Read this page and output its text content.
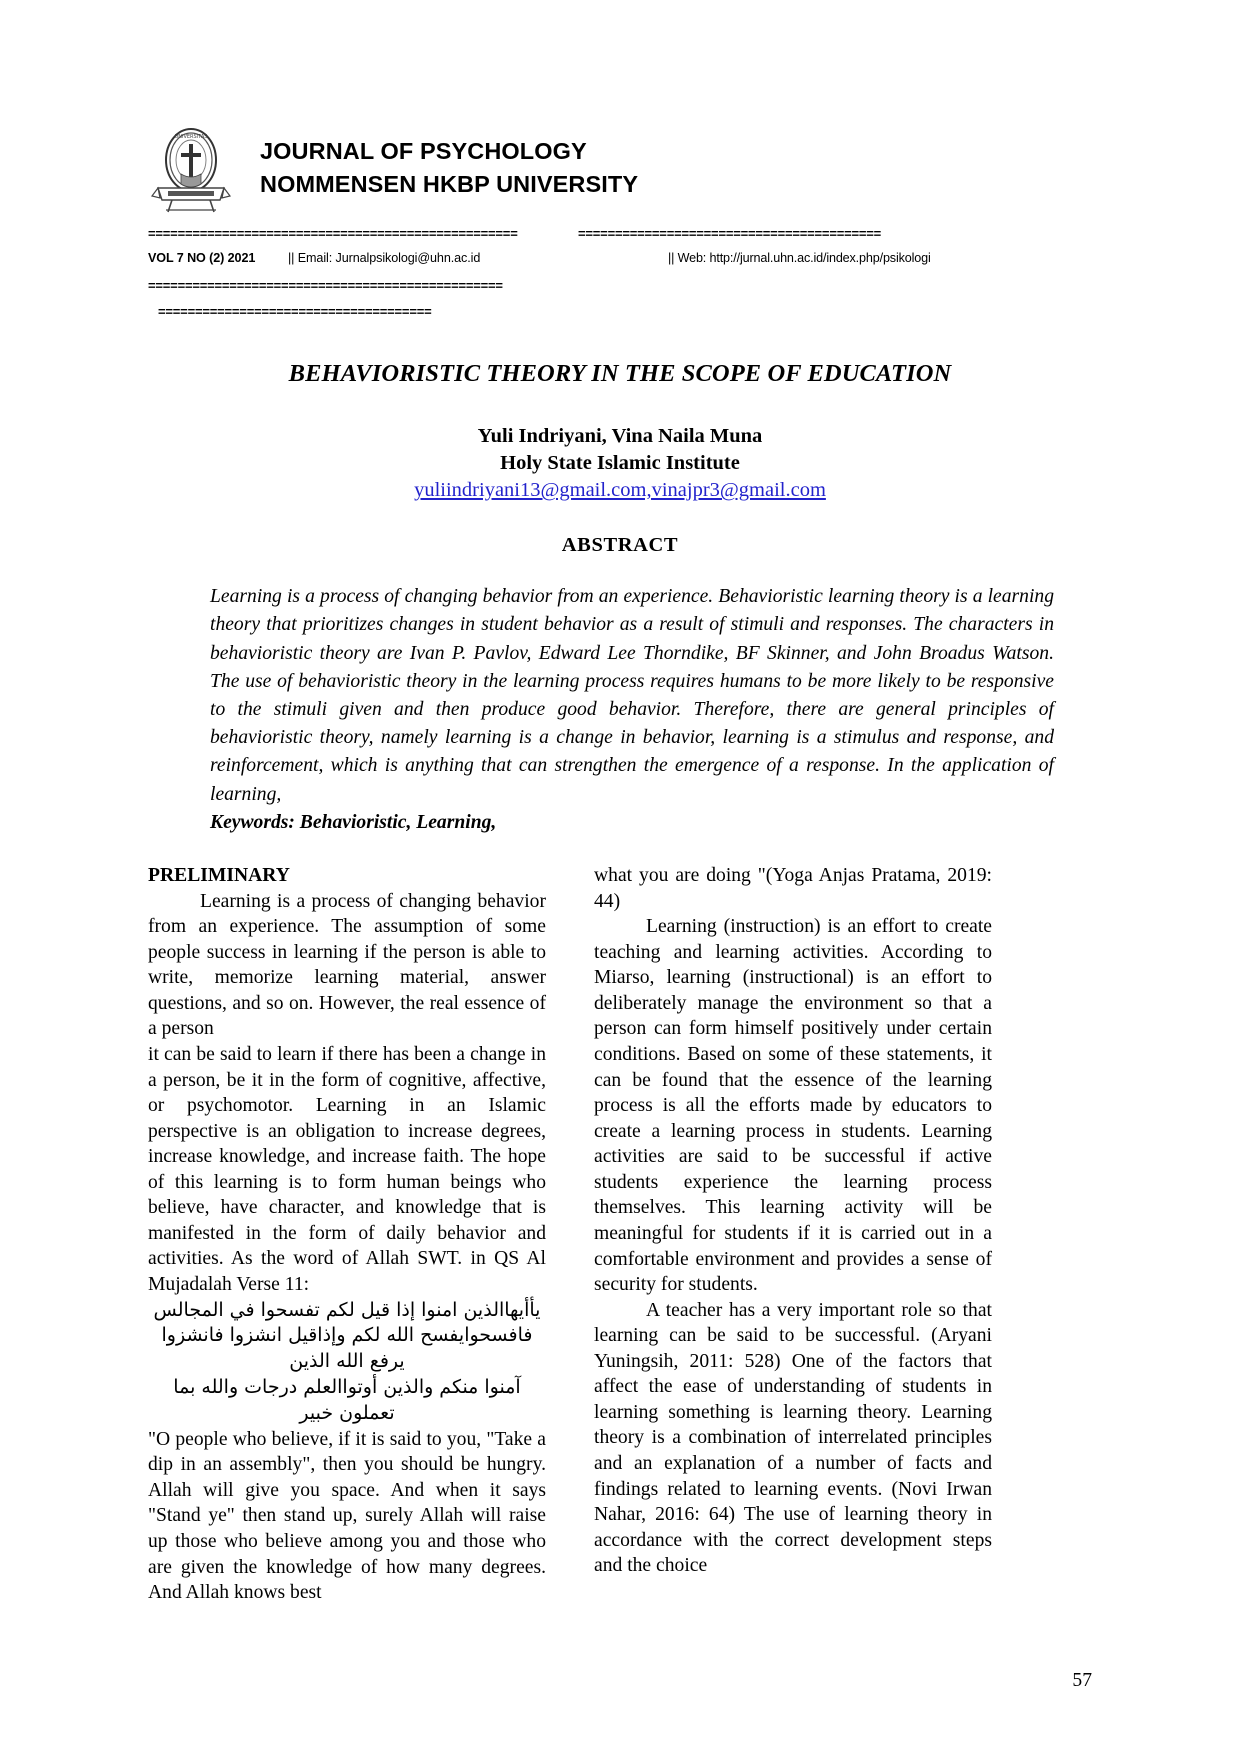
UNIVERSITAS
JOURNAL OF PSYCHOLOGY
NOMMENSEN HKBP UNIVERSITY
==================================================	=========================================
VOL 7 NO (2) 2021	|| Email: Jurnalpsikologi@uhn.ac.id	|| Web: http://jurnal.uhn.ac.id/index.php/psikologi
================================================
=====================================
BEHAVIORISTIC THEORY IN THE SCOPE OF EDUCATION
Yuli Indriyani, Vina Naila Muna
Holy State Islamic Institute
yuliindriyani13@gmail.com,vinajpr3@gmail.com
ABSTRACT
Learning is a process of changing behavior from an experience. Behavioristic learning theory is a learning theory that prioritizes changes in student behavior as a result of stimuli and responses. The characters in behavioristic theory are Ivan P. Pavlov, Edward Lee Thorndike, BF Skinner, and John Broadus Watson. The use of behavioristic theory in the learning process requires humans to be more likely to be responsive to the stimuli given and then produce good behavior. Therefore, there are general principles of behavioristic theory, namely learning is a change in behavior, learning is a stimulus and response, and reinforcement, which is anything that can strengthen the emergence of a response. In the application of learning,
Keywords: Behavioristic, Learning,
PRELIMINARY

Learning is a process of changing behavior from an experience. The assumption of some people success in learning if the person is able to write, memorize learning material, answer questions, and so on. However, the real essence of a person

it can be said to learn if there has been a change in a person, be it in the form of cognitive, affective, or psychomotor. Learning in an Islamic perspective is an obligation to increase degrees, increase knowledge, and increase faith. The hope of this learning is to form human beings who believe, have character, and knowledge that is manifested in the form of daily behavior and activities. As the word of Allah SWT. in QS Al Mujadalah Verse 11:

يأأيهاالذين امنوا إذا قيل لكم تفسحوا في المجالس

فافسحوايفسح الله لكم وإذاقيل انشزوا فانشزوا يرفع الله الذين

آمنوا منكم والذين أوتواالعلم درجات والله بما تعملون خبير

"O people who believe, if it is said to you, "Take a dip in an assembly", then you should be hungry. Allah will give you space. And when it says "Stand ye" then stand up, surely Allah will raise up those who believe among you and those who are given the knowledge of how many degrees. And Allah knows best

what you are doing "(Yoga Anjas Pratama, 2019: 44)

Learning (instruction) is an effort to create teaching and learning activities. According to Miarso, learning (instructional) is an effort to deliberately manage the environment so that a person can form himself positively under certain conditions. Based on some of these statements, it can be found that the essence of the learning process is all the efforts made by educators to create a learning process in students. Learning activities are said to be successful if active students experience the learning process themselves. This learning activity will be meaningful for students if it is carried out in a comfortable environment and provides a sense of security for students.

A teacher has a very important role so that learning can be said to be successful. (Aryani Yuningsih, 2011: 528) One of the factors that affect the ease of understanding of students in learning something is learning theory. Learning theory is a combination of interrelated principles and an explanation of a number of facts and findings related to learning events. (Novi Irwan Nahar, 2016: 64) The use of learning theory in accordance with the correct development steps and the choice

57
